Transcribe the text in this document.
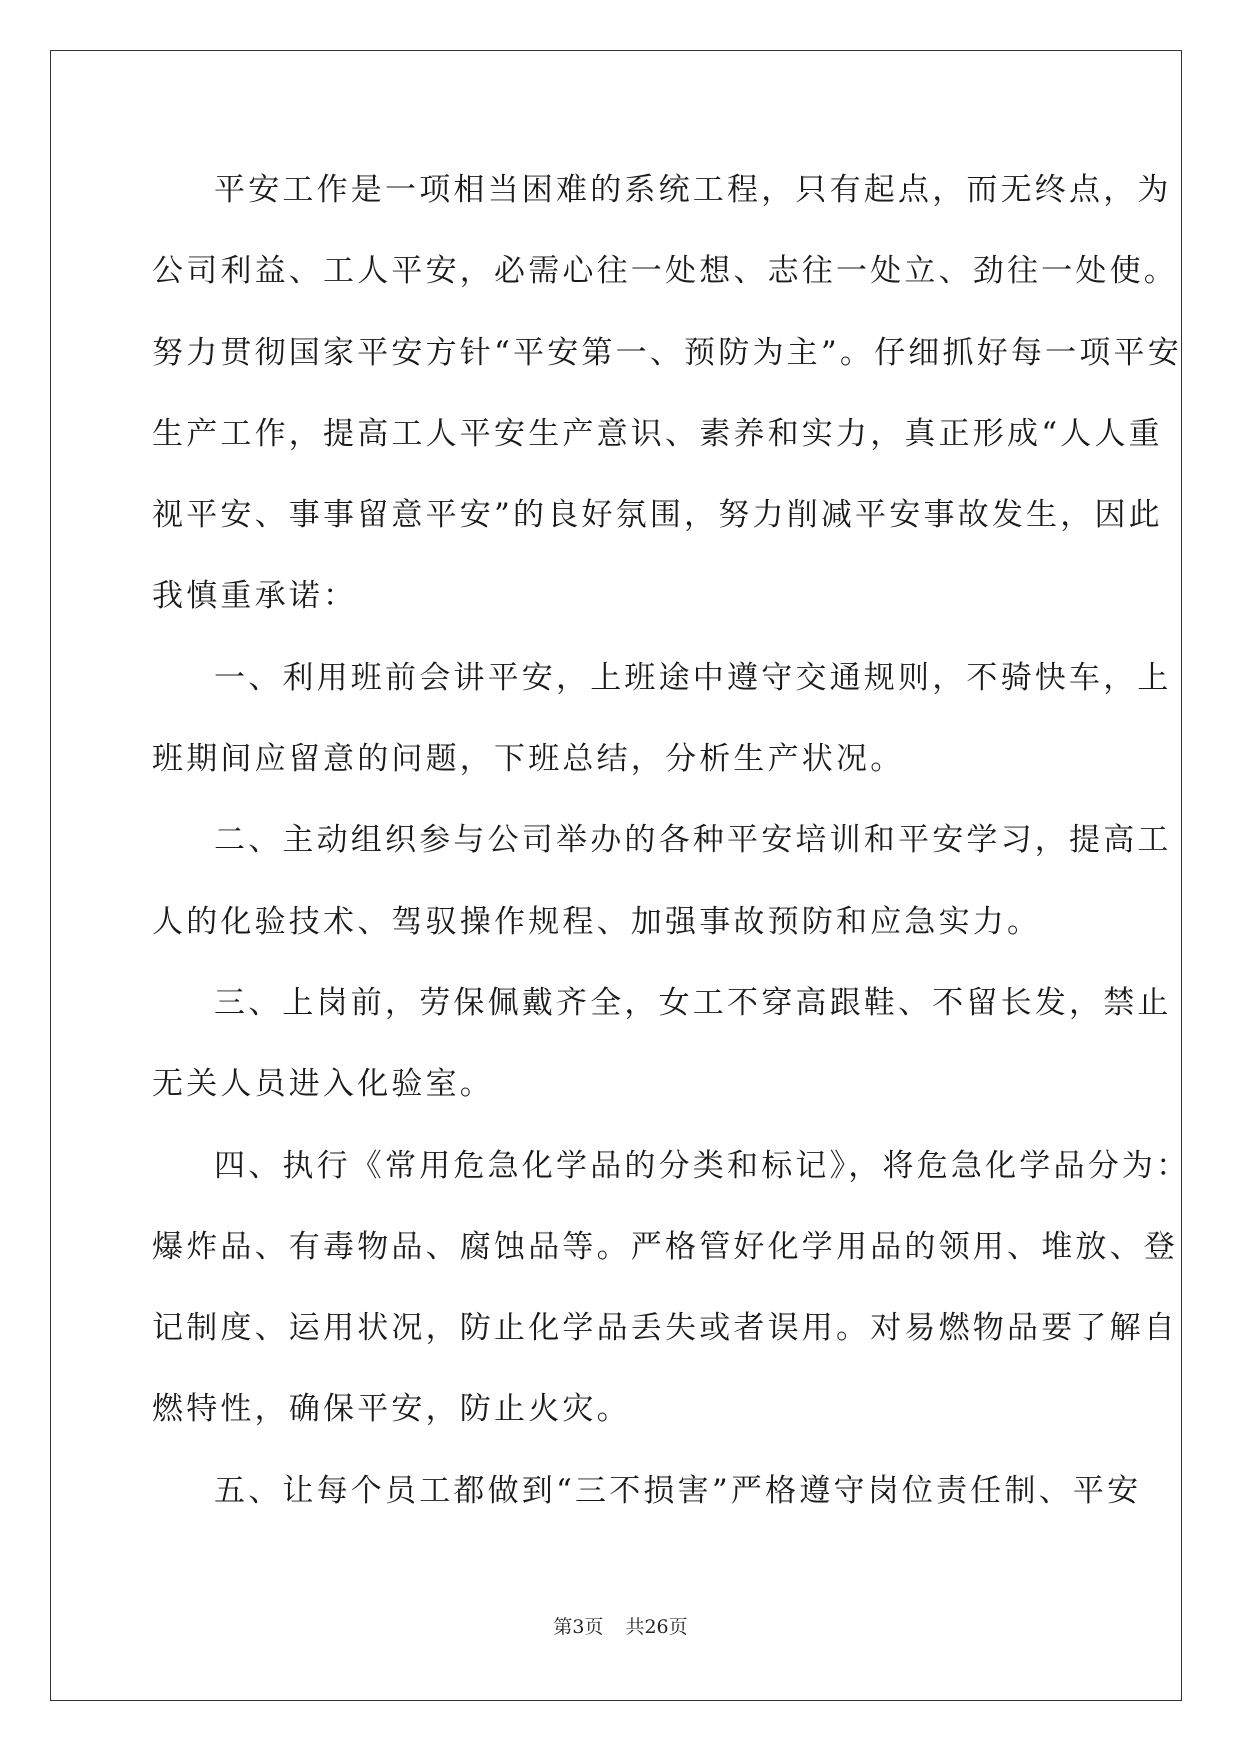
平安工作是一项相当困难的系统工程，只有起点，而无终点，为
公司利益、工人平安，必需心往一处想、志往一处立、劲往一处使。
努力贯彻国家平安方针“平安第一、预防为主”。仔细抓好每一项平安
生产工作，提高工人平安生产意识、素养和实力，真正形成“人人重
视平安、事事留意平安”的良好氛围，努力削减平安事故发生，因此
我慎重承诺：
一、利用班前会讲平安，上班途中遵守交通规则，不骑快车，上
班期间应留意的问题，下班总结，分析生产状况。
二、主动组织参与公司举办的各种平安培训和平安学习，提高工
人的化验技术、驾驭操作规程、加强事故预防和应急实力。
三、上岗前，劳保佩戴齐全，女工不穿高跟鞋、不留长发，禁止
无关人员进入化验室。
四、执行《常用危急化学品的分类和标记》，将危急化学品分为：
爆炸品、有毒物品、腐蚀品等。严格管好化学用品的领用、堆放、登
记制度、运用状况，防止化学品丢失或者误用。对易燃物品要了解自
燃特性，确保平安，防止火灾。
五、让每个员工都做到“三不损害”严格遵守岗位责任制、平安
第3页 共26页
